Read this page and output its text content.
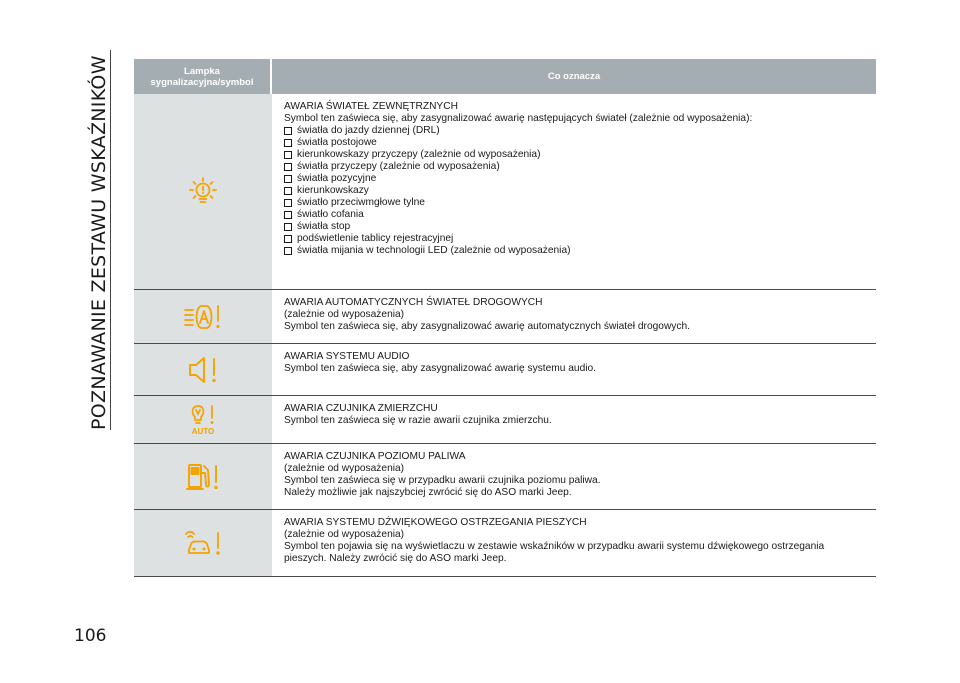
POZNAWANIE ZESTAWU WSKAŹNIKÓW	Lampka
sygnalizacyjna/symbol	Co oznacza
AWARIA ŚWIATEŁ ZEWNĘTRZNYCH
Symbol ten zaświeca się, aby zasygnalizować awarię następujących świateł (zależnie od wyposażenia):
światła do jazdy dziennej (DRL)
światła postojowe
kierunkowskazy przyczepy (zależnie od wyposażenia)
światła przyczepy (zależnie od wyposażenia)
światła pozycyjne
kierunkowskazy
światło przeciwmgłowe tylne
światło cofania
światła stop
podświetlenie tablicy rejestracyjnej
światła mijania w technologii LED (zależnie od wyposażenia)
AWARIA AUTOMATYCZNYCH ŚWIATEŁ DROGOWYCH
(zależnie od wyposażenia)
Symbol ten zaświeca się, aby zasygnalizować awarię automatycznych świateł drogowych.
AWARIA SYSTEMU AUDIO
Symbol ten zaświeca się, aby zasygnalizować awarię systemu audio.
AUTO
AWARIA CZUJNIKA ZMIERZCHU
Symbol ten zaświeca się w razie awarii czujnika zmierzchu.
AWARIA CZUJNIKA POZIOMU PALIWA
(zależnie od wyposażenia)
Symbol ten zaświeca się w przypadku awarii czujnika poziomu paliwa.
Należy możliwie jak najszybciej zwrócić się do ASO marki Jeep.
AWARIA SYSTEMU DŹWIĘKOWEGO OSTRZEGANIA PIESZYCH
(zależnie od wyposażenia)
Symbol ten pojawia się na wyświetlaczu w zestawie wskaźników w przypadku awarii systemu dźwiękowego ostrzegania
pieszych. Należy zwrócić się do ASO marki Jeep.
106
